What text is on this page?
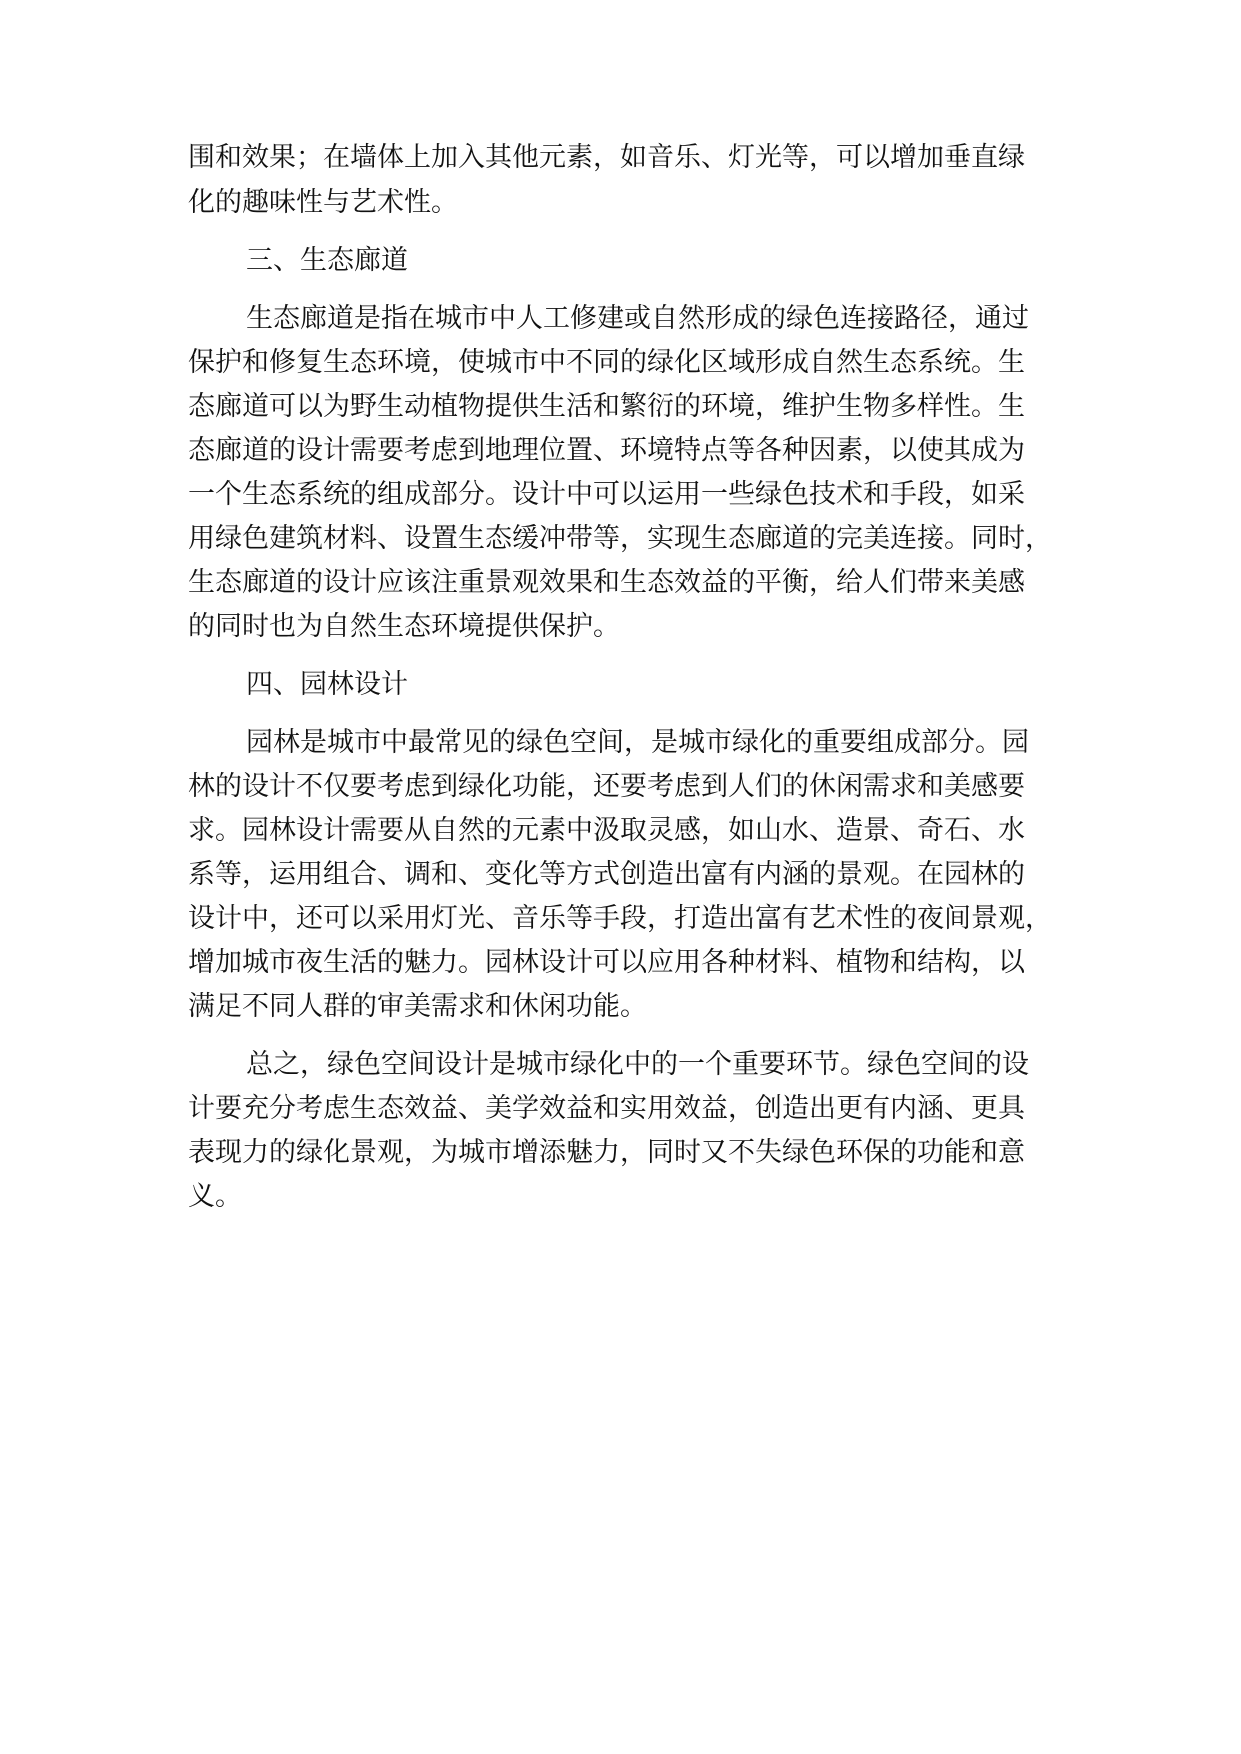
围和效果；在墙体上加入其他元素，如音乐、灯光等，可以增加垂直绿

化的趣味性与艺术性。

三、生态廊道

生态廊道是指在城市中人工修建或自然形成的绿色连接路径，通过

保护和修复生态环境，使城市中不同的绿化区域形成自然生态系统。生

态廊道可以为野生动植物提供生活和繁衍的环境，维护生物多样性。生

态廊道的设计需要考虑到地理位置、环境特点等各种因素，以使其成为

一个生态系统的组成部分。设计中可以运用一些绿色技术和手段，如采

用绿色建筑材料、设置生态缓冲带等，实现生态廊道的完美连接。同时，

生态廊道的设计应该注重景观效果和生态效益的平衡，给人们带来美感

的同时也为自然生态环境提供保护。

四、园林设计

园林是城市中最常见的绿色空间，是城市绿化的重要组成部分。园

林的设计不仅要考虑到绿化功能，还要考虑到人们的休闲需求和美感要

求。园林设计需要从自然的元素中汲取灵感，如山水、造景、奇石、水

系等，运用组合、调和、变化等方式创造出富有内涵的景观。在园林的

设计中，还可以采用灯光、音乐等手段，打造出富有艺术性的夜间景观，

增加城市夜生活的魅力。园林设计可以应用各种材料、植物和结构，以

满足不同人群的审美需求和休闲功能。

总之，绿色空间设计是城市绿化中的一个重要环节。绿色空间的设

计要充分考虑生态效益、美学效益和实用效益，创造出更有内涵、更具

表现力的绿化景观，为城市增添魅力，同时又不失绿色环保的功能和意

义。
